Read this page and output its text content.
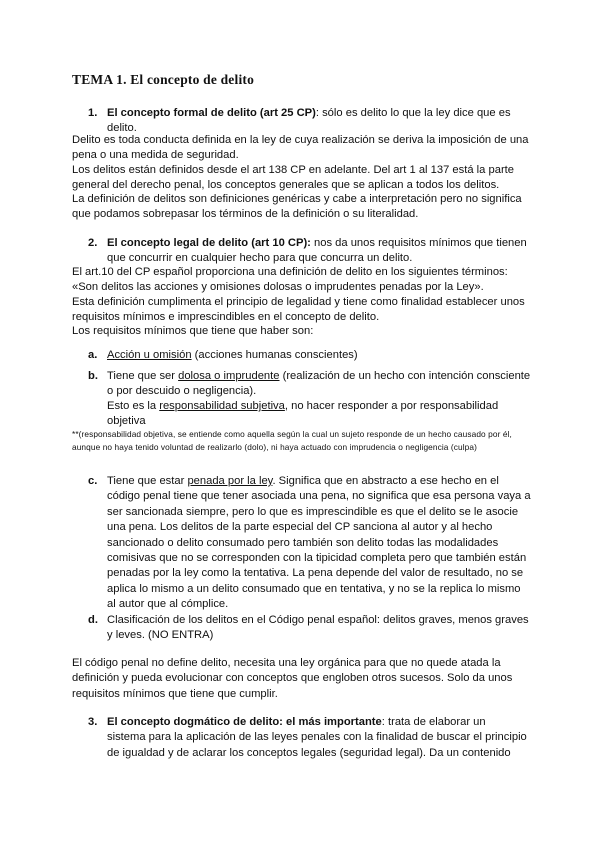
TEMA 1. El concepto de delito
1. El concepto formal de delito (art 25 CP): sólo es delito lo que la ley dice que es delito.

Delito es toda conducta definida en la ley de cuya realización se deriva la imposición de una pena o una medida de seguridad.

Los delitos están definidos desde el art 138 CP en adelante. Del art 1 al 137 está la parte general del derecho penal, los conceptos generales que se aplican a todos los delitos.

La definición de delitos son definiciones genéricas y cabe a interpretación pero no significa que podamos sobrepasar los términos de la definición o su literalidad.

2. El concepto legal de delito (art 10 CP): nos da unos requisitos mínimos que tienen que concurrir en cualquier hecho para que concurra un delito.

El art.10 del CP español proporciona una definición de delito en los siguientes términos:

«Son delitos las acciones y omisiones dolosas o imprudentes penadas por la Ley».

Esta definición cumplimenta el principio de legalidad y tiene como finalidad establecer unos requisitos mínimos e imprescindibles en el concepto de delito.

Los requisitos mínimos que tiene que haber son:

a. Acción u omisión (acciones humanas conscientes)
b. Tiene que ser dolosa o imprudente (realización de un hecho con intención consciente o por descuido o negligencia).
Esto es la responsabilidad subjetiva, no hacer responder a por responsabilidad objetiva

**(responsabilidad objetiva, se entiende como aquella según la cual un sujeto responde de un hecho causado por él, aunque no haya tenido voluntad de realizarlo (dolo), ni haya actuado con imprudencia o negligencia (culpa)

c. Tiene que estar penada por la ley. Significa que en abstracto a ese hecho en el código penal tiene que tener asociada una pena, no significa que esa persona vaya a ser sancionada siempre, pero lo que es imprescindible es que el delito se le asocie una pena. Los delitos de la parte especial del CP sanciona al autor y al hecho sancionado o delito consumado pero también son delito todas las modalidades comisivas que no se corresponden con la tipicidad completa pero que también están penadas por la ley como la tentativa. La pena depende del valor de resultado, no se aplica lo mismo a un delito consumado que en tentativa, y no se la replica lo mismo al autor que al cómplice.
d. Clasificación de los delitos en el Código penal español: delitos graves, menos graves y leves. (NO ENTRA)

El código penal no define delito, necesita una ley orgánica para que no quede atada la definición y pueda evolucionar con conceptos que engloben otros sucesos. Solo da unos requisitos mínimos que tiene que cumplir.

3. El concepto dogmático de delito: el más importante: trata de elaborar un sistema para la aplicación de las leyes penales con la finalidad de buscar el principio de igualdad y de aclarar los conceptos legales (seguridad legal). Da un contenido
